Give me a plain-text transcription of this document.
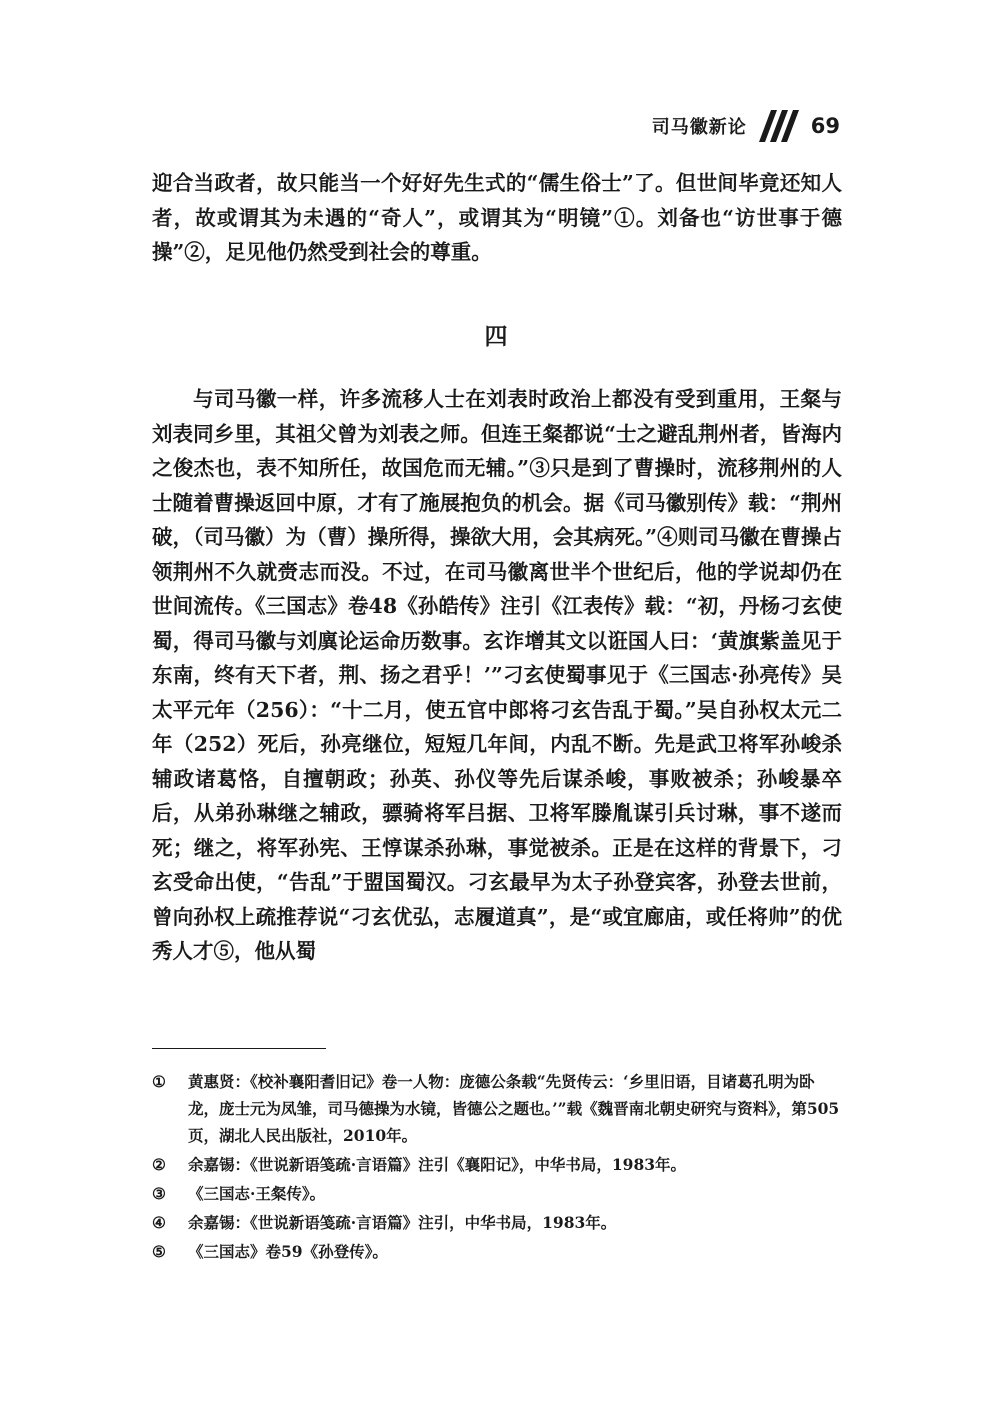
司马徽新论	69
迎合当政者，故只能当一个好好先生式的“儒生俗士”了。但世间毕竟还知人者，故或谓其为未遇的“奇人”，或谓其为“明镜”①。刘备也“访世事于德操”②，足见他仍然受到社会的尊重。
四
与司马徽一样，许多流移人士在刘表时政治上都没有受到重用，王粲与刘表同乡里，其祖父曾为刘表之师。但连王粲都说“士之避乱荆州者，皆海内之俊杰也，表不知所任，故国危而无辅。”③只是到了曹操时，流移荆州的人士随着曹操返回中原，才有了施展抱负的机会。据《司马徽别传》载：“荆州破，（司马徽）为（曹）操所得，操欲大用，会其病死。”④则司马徽在曹操占领荆州不久就赍志而没。不过，在司马徽离世半个世纪后，他的学说却仍在世间流传。《三国志》卷48《孙皓传》注引《江表传》载：“初，丹杨刁玄使蜀，得司马徽与刘廙论运命历数事。玄诈增其文以诳国人曰：‘黄旗紫盖见于东南，终有天下者，荆、扬之君乎！’”刁玄使蜀事见于《三国志·孙亮传》吴太平元年（256）：“十二月，使五官中郎将刁玄告乱于蜀。”吴自孙权太元二年（252）死后，孙亮继位，短短几年间，内乱不断。先是武卫将军孙峻杀辅政诸葛恪，自擅朝政；孙英、孙仪等先后谋杀峻，事败被杀；孙峻暴卒后，从弟孙琳继之辅政，骠骑将军吕据、卫将军滕胤谋引兵讨琳，事不遂而死；继之，将军孙宪、王惇谋杀孙琳，事觉被杀。正是在这样的背景下，刁玄受命出使，“告乱”于盟国蜀汉。刁玄最早为太子孙登宾客，孙登去世前，曾向孙权上疏推荐说“刁玄优弘，志履道真”，是“或宜廊庙，或任将帅”的优秀人才⑤，他从蜀
①	黄惠贤：《校补襄阳耆旧记》卷一人物：庞德公条载“先贤传云：‘乡里旧语，目诸葛孔明为卧龙，庞士元为凤雏，司马德操为水镜，皆德公之题也。’”载《魏晋南北朝史研究与资料》，第505页，湖北人民出版社，2010年。
②	余嘉锡：《世说新语笺疏·言语篇》注引《襄阳记》，中华书局，1983年。
③	《三国志·王粲传》。
④	余嘉锡：《世说新语笺疏·言语篇》注引，中华书局，1983年。
⑤	《三国志》卷59《孙登传》。
